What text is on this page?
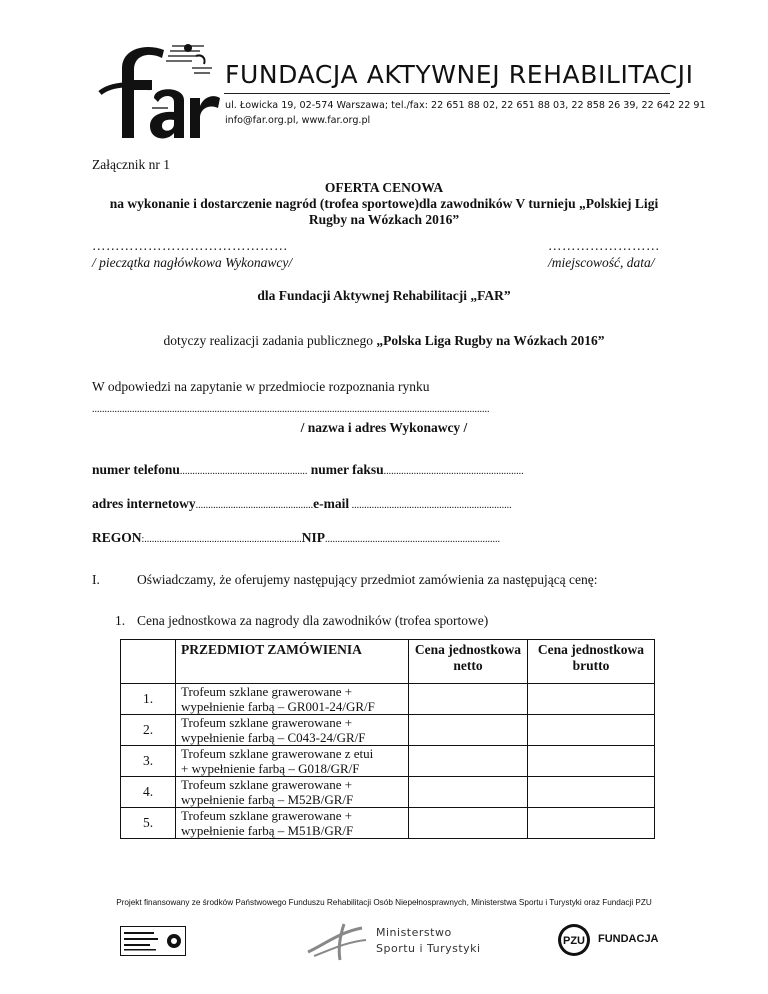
FUNDACJA AKTYWNEJ REHABILITACJI
ul. Łowicka 19, 02-574 Warszawa; tel./fax: 22 651 88 02, 22 651 88 03, 22 858 26 39, 22 642 22 91
info@far.org.pl, www.far.org.pl
Załącznik nr 1
OFERTA CENOWA
na wykonanie i dostarczenie nagród (trofea sportowe)dla zawodników V turnieju „Polskiej Ligi
Rugby na Wózkach 2016”
……………………………………	……………………
/ pieczątka nagłówkowa Wykonawcy/	/miejscowość, data/
dla Fundacji Aktywnej Rehabilitacji „FAR”
dotyczy realizacji zadania publicznego „Polska Liga Rugby na Wózkach 2016”
W odpowiedzi na zapytanie w przedmiocie rozpoznania rynku
...............................................................................................................................................................
/ nazwa i adres Wykonawcy /
numer telefonu................................................... numer faksu........................................................
adres internetowy...............................................e-mail ................................................................
REGON:...............................................................NIP......................................................................
I.	Oświadczamy, że oferujemy następujący przedmiot zamówienia za następującą cenę:
1. Cena jednostkowa za nagrody dla zawodników (trofea sportowe)
	PRZEDMIOT ZAMÓWIENIA	Cena jednostkowa netto	Cena jednostkowa brutto
1.	Trofeum szklane grawerowane +
wypełnienie farbą – GR001-24/GR/F		

2.	Trofeum szklane grawerowane +
wypełnienie farbą – C043-24/GR/F		

3.	Trofeum szklane grawerowane z etui
+ wypełnienie farbą – G018/GR/F		

4.	Trofeum szklane grawerowane +
wypełnienie farbą – M52B/GR/F		

5.	Trofeum szklane grawerowane +
wypełnienie farbą – M51B/GR/F		

Projekt finansowany ze środków Państwowego Funduszu Rehabilitacji Osób Niepełnosprawnych, Ministerstwa Sportu i Turystyki oraz Fundacji PZU
Ministerstwo
Sportu i Turystyki
PZU FUNDACJA
